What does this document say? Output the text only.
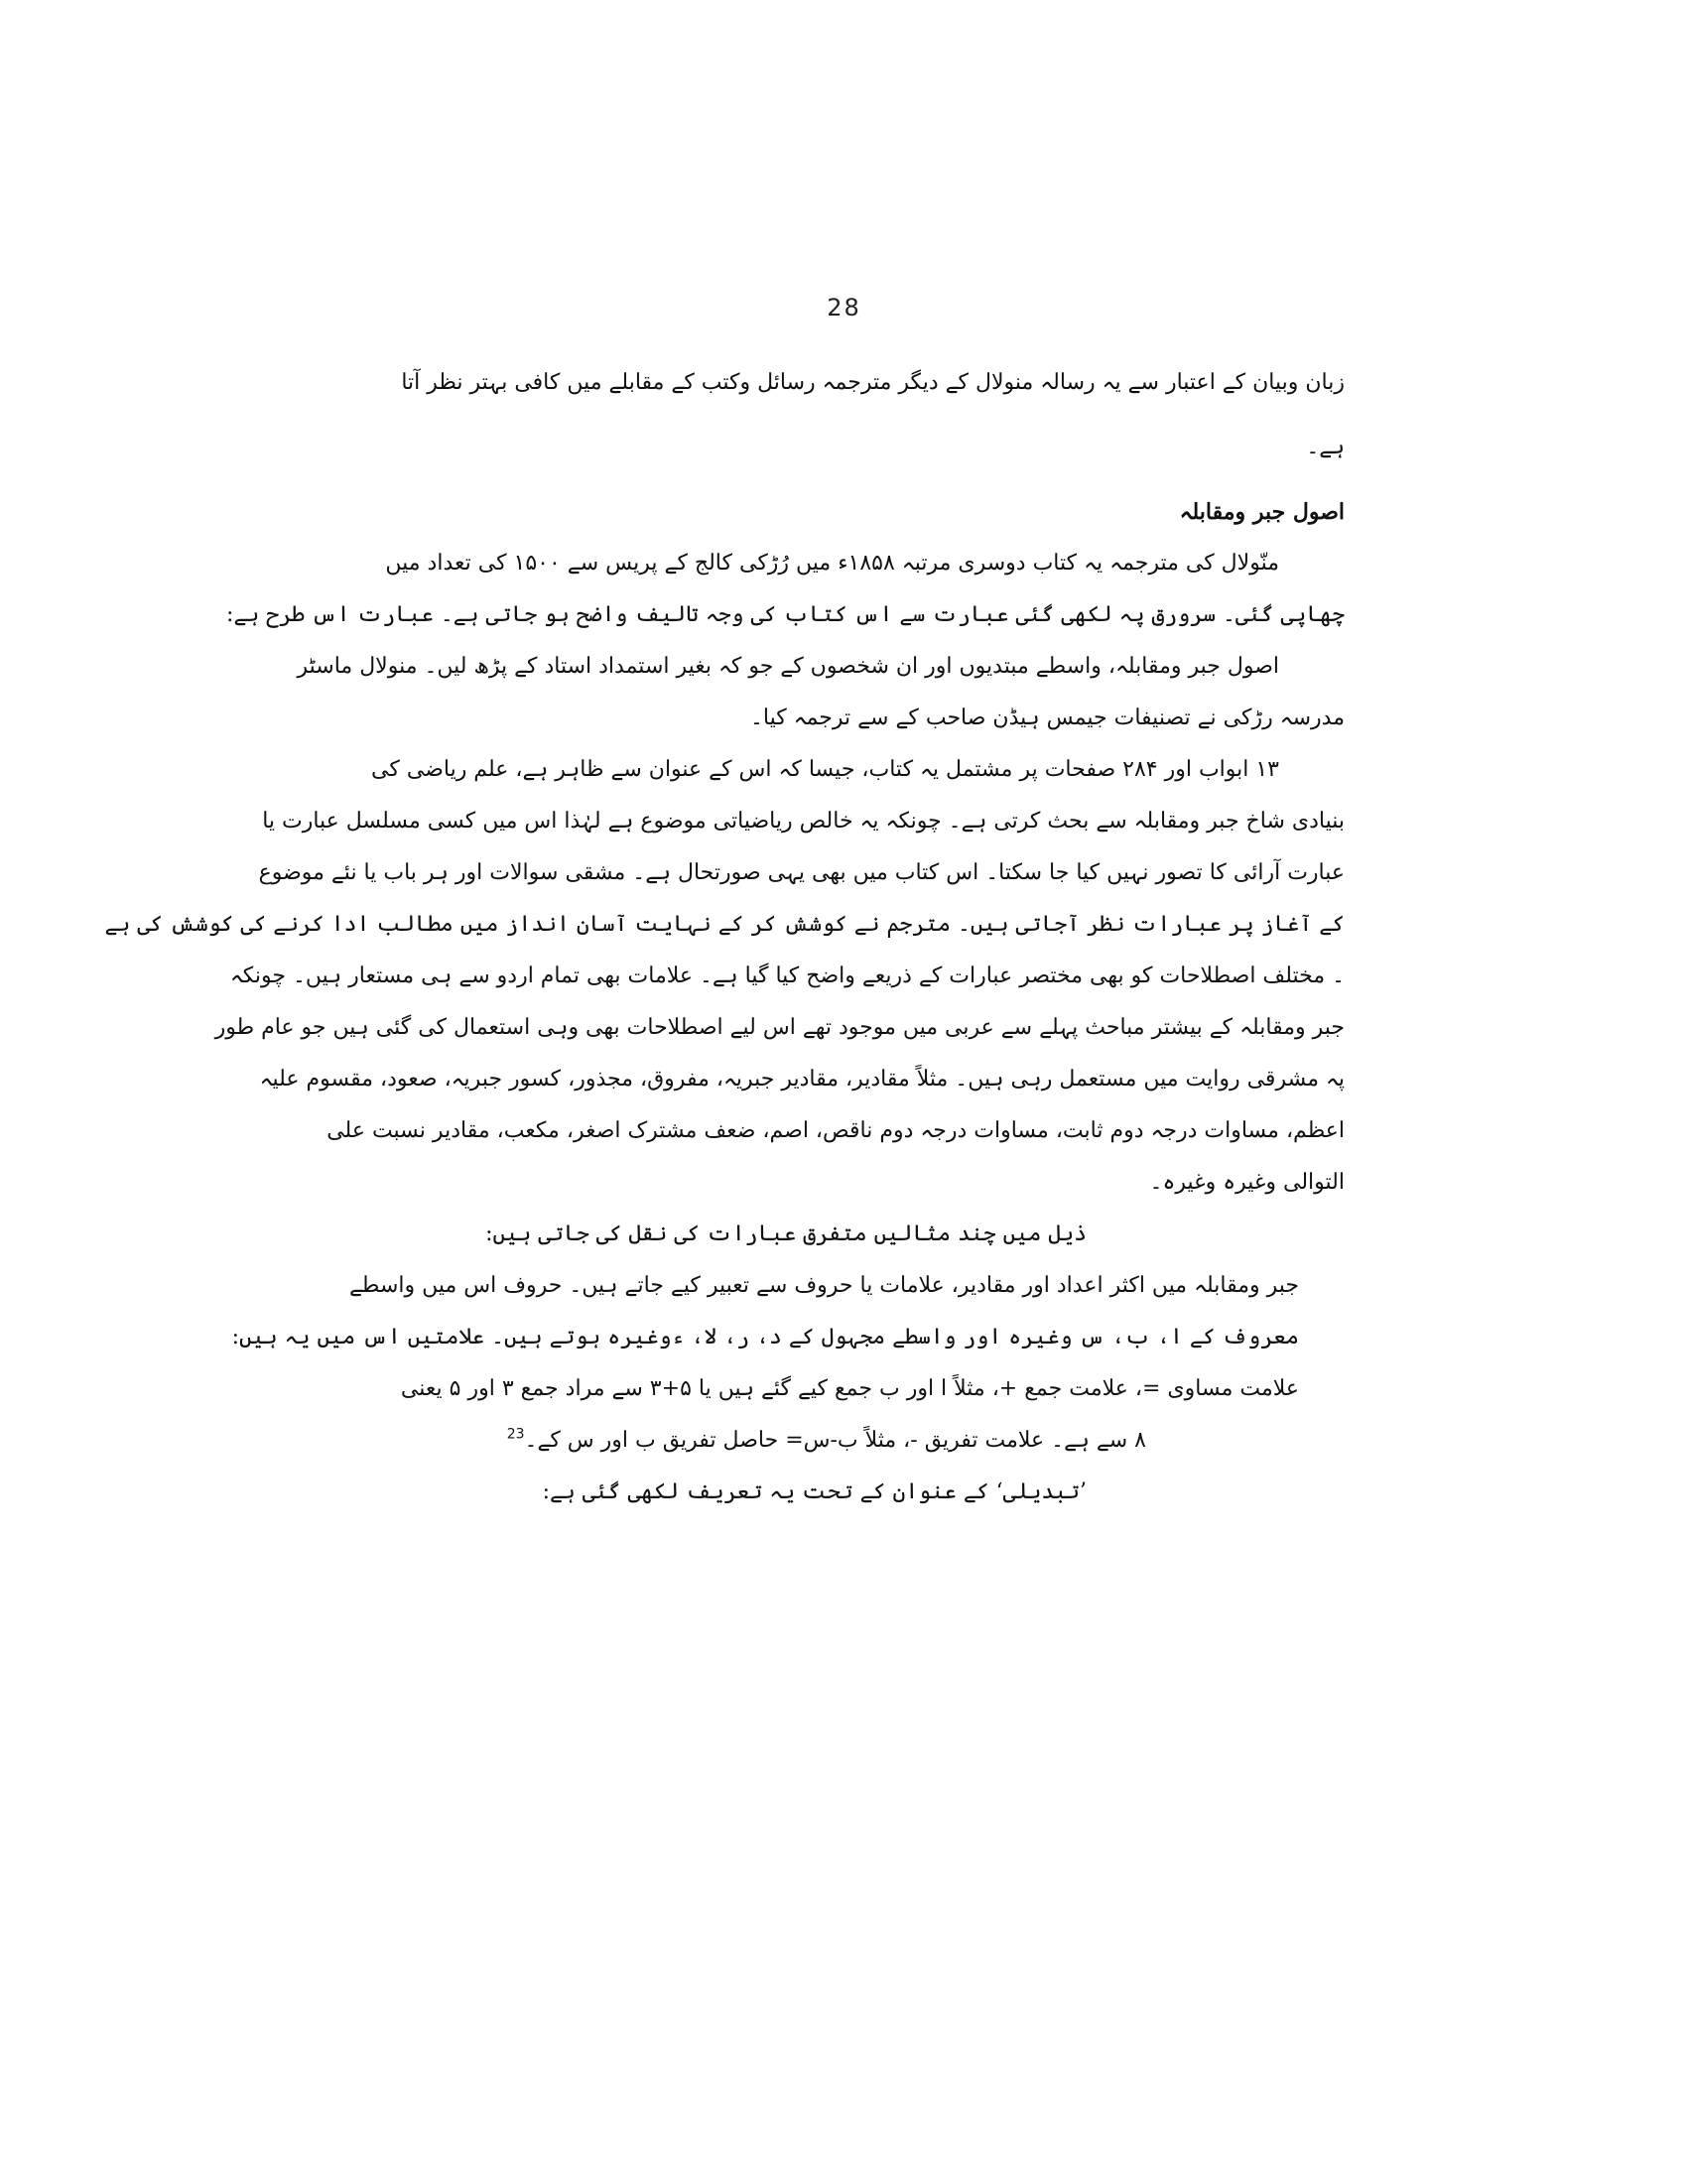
28
زبان وبیان کے اعتبار سے یہ رسالہ منولال کے دیگر مترجمہ رسائل وکتب کے مقابلے میں کافی بہتر نظر آتا
ہے۔
اصول جبر ومقابلہ
منّولال کی مترجمہ یہ کتاب دوسری مرتبہ ۱۸۵۸ء میں رُڑکی کالج کے پریس سے ۱۵۰۰ کی تعداد میں
چھاپی گئی۔ سرورق پہ لکھی گئی عبارت سے اس کتاب کی وجہ تالیف واضح ہو جاتی ہے۔ عبارت اس طرح ہے:
اصول جبر ومقابلہ، واسطے مبتدیوں اور ان شخصوں کے جو کہ بغیر استمداد استاد کے پڑھ لیں۔ منولال ماسٹر
مدرسہ رڑکی نے تصنیفات جیمس ہیڈن صاحب کے سے ترجمہ کیا۔
۱۳ ابواب اور ۲۸۴ صفحات پر مشتمل یہ کتاب، جیسا کہ اس کے عنوان سے ظاہر ہے، علم ریاضی کی
بنیادی شاخ جبر ومقابلہ سے بحث کرتی ہے۔ چونکہ یہ خالص ریاضیاتی موضوع ہے لہٰذا اس میں کسی مسلسل عبارت یا
عبارت آرائی کا تصور نہیں کیا جا سکتا۔ اس کتاب میں بھی یہی صورتحال ہے۔ مشقی سوالات اور ہر باب یا نئے موضوع
کے آغاز پر عبارات نظر آجاتی ہیں۔ مترجم نے کوشش کر کے نہایت آسان انداز میں مطالب ادا کرنے کی کوشش کی ہے
۔ مختلف اصطلاحات کو بھی مختصر عبارات کے ذریعے واضح کیا گیا ہے۔ علامات بھی تمام اردو سے ہی مستعار ہیں۔ چونکہ
جبر ومقابلہ کے بیشتر مباحث پہلے سے عربی میں موجود تھے اس لیے اصطلاحات بھی وہی استعمال کی گئی ہیں جو عام طور
پہ مشرقی روایت میں مستعمل رہی ہیں۔ مثلاً مقادیر، مقادیر جبریہ، مفروق، مجذور، کسور جبریہ، صعود، مقسوم علیہ
اعظم، مساوات درجہ دوم ثابت، مساوات درجہ دوم ناقص، اصم، ضعف مشترک اصغر، مکعب، مقادیر نسبت علی
التوالی وغیرہ وغیرہ۔
ذیل میں چند مثالیں متفرق عبارات کی نقل کی جاتی ہیں:
جبر ومقابلہ میں اکثر اعداد اور مقادیر، علامات یا حروف سے تعبیر کیے جاتے ہیں۔ حروف اس میں واسطے
معروف کے ا، ب، س وغیرہ اور واسطے مجہول کے د، ر، لا، ءوغیرہ ہوتے ہیں۔ علامتیں اس میں یہ ہیں:
علامت مساوی =، علامت جمع +، مثلاً ا اور ب جمع کیے گئے ہیں یا ۵+۳ سے مراد جمع ۳ اور ۵ یعنی
۸ سے ہے۔ علامت تفریق -، مثلاً ب-س= حاصل تفریق ب اور س کے۔$^{23}$
’تبدیلی‘ کے عنوان کے تحت یہ تعریف لکھی گئی ہے:
